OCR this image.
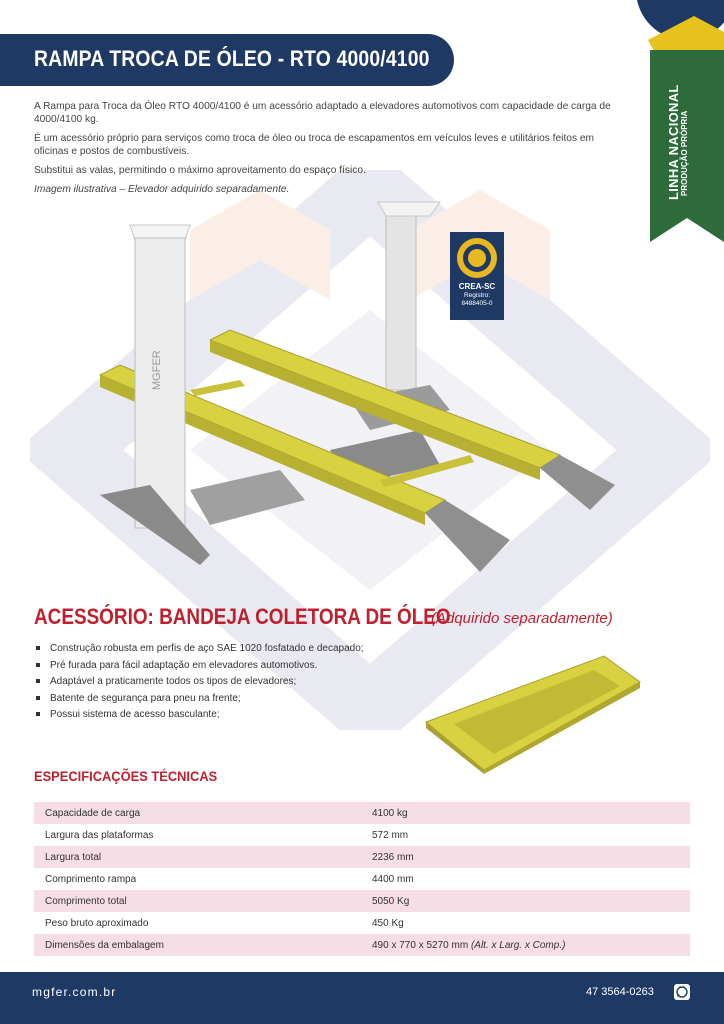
LINHA NACIONAL PRODUÇÃO PRÓPRIA
RAMPA TROCA DE ÓLEO - RTO 4000/4100

A Rampa para Troca da Óleo RTO 4000/4100 é um acessório adaptado a elevadores automotivos com capacidade de carga de 4000/4100 kg.

É um acessório próprio para serviços como troca de óleo ou troca de escapamentos em veículos leves e utilitários feitos em oficinas e postos de combustíveis.

Substitui as valas, permitindo o máximo aproveitamento do espaço físico.

Imagem ilustrativa – Elevador adquirido separadamente.

MGFER
CREA-SC
Registro:
8488405-0
ACESSÓRIO: BANDEJA COLETORA DE ÓLEO
(Adquirido separadamente)
Construção robusta em perfis de aço SAE 1020 fosfatado e decapado;
Pré furada para fácil adaptação em elevadores automotivos.
Adaptável a praticamente todos os tipos de elevadores;
Batente de segurança para pneu na frente;
Possui sistema de acesso basculante;
ESPECIFICAÇÕES TÉCNICAS
Capacidade de carga	4100 kg
Largura das plataformas	572 mm
Largura total	2236 mm
Comprimento rampa	4400 mm
Comprimento total	5050 Kg
Peso bruto aproximado	450 Kg
Dimensões da embalagem	490 x 770 x 5270 mm (Alt. x Larg. x Comp.)
mgfer.com.br	47 3564-0263
